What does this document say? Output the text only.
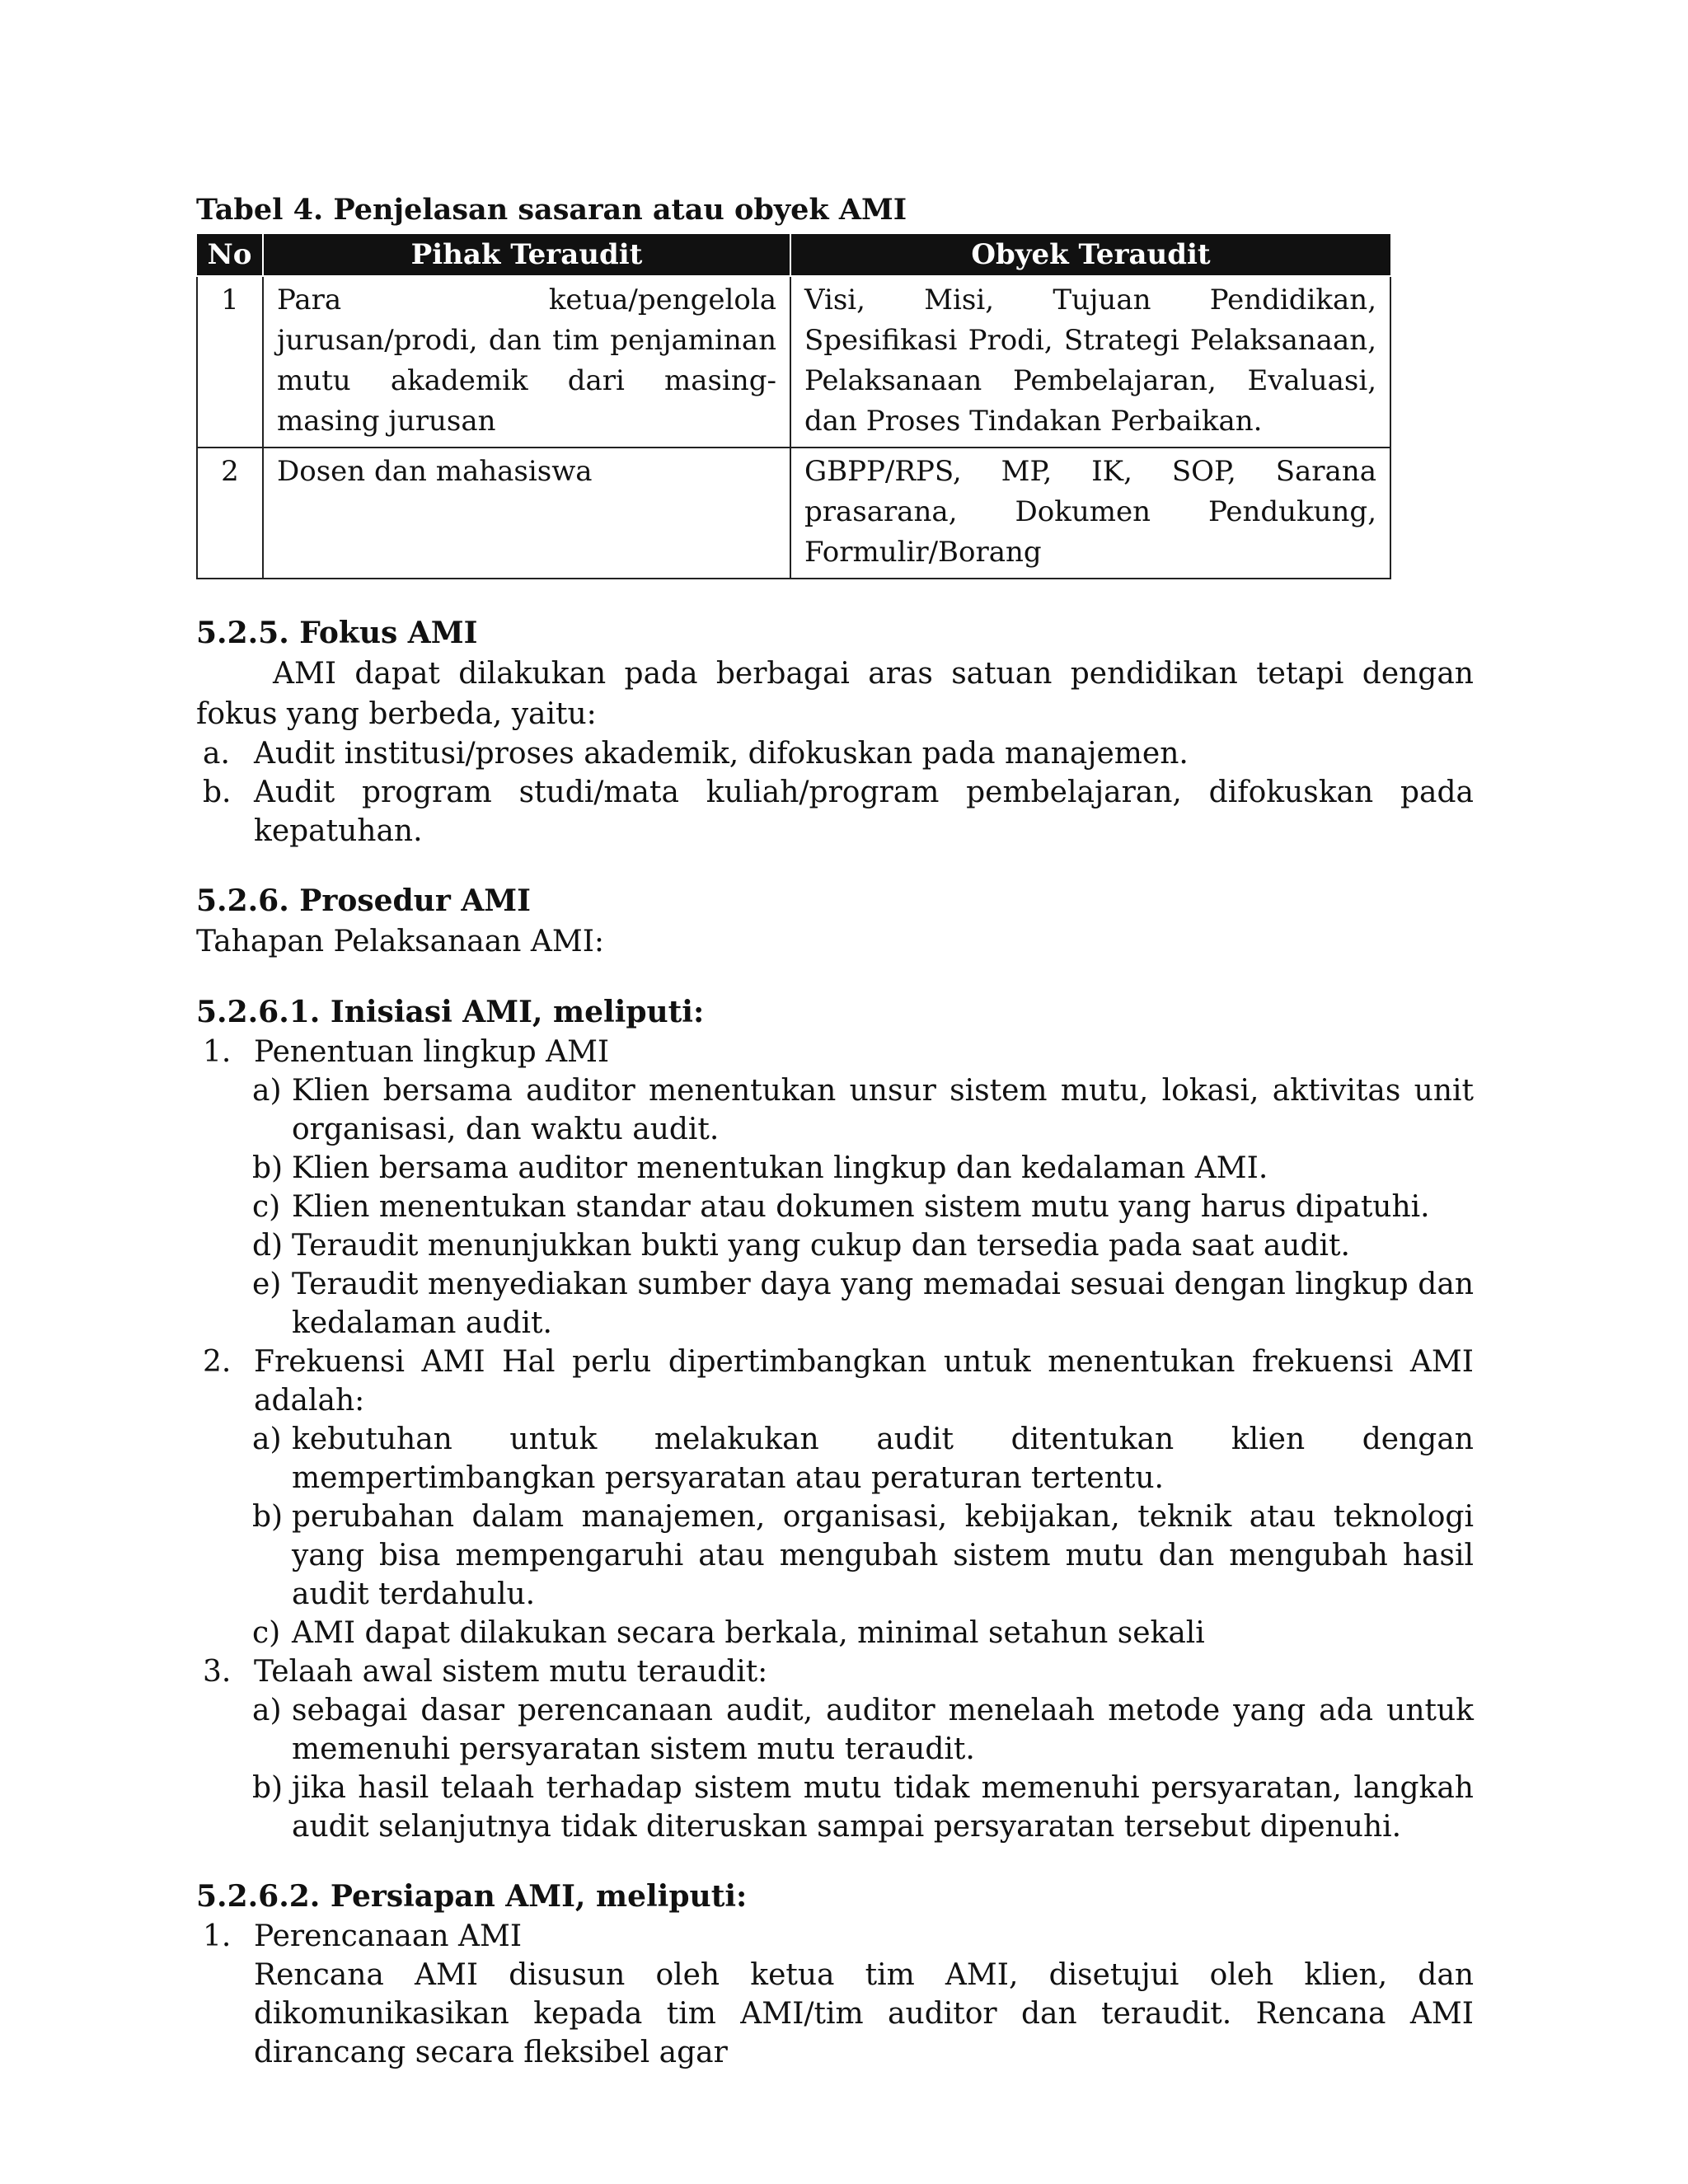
Tabel 4. Penjelasan sasaran atau obyek AMI
No	Pihak Teraudit	Obyek Teraudit
1	Para ketua/pengelola jurusan/prodi, dan tim penjaminan mutu akademik dari masing-masing jurusan	Visi, Misi, Tujuan Pendidikan, Spesifikasi Prodi, Strategi Pelaksanaan, Pelaksanaan Pembelajaran, Evaluasi, dan Proses Tindakan Perbaikan.
2	Dosen dan mahasiswa	GBPP/RPS, MP, IK, SOP, Sarana prasarana, Dokumen Pendukung, Formulir/Borang
5.2.5. Fokus AMI

AMI dapat dilakukan pada berbagai aras satuan pendidikan tetapi dengan fokus yang berbeda, yaitu:

a. Audit institusi/proses akademik, difokuskan pada manajemen.
b. Audit program studi/mata kuliah/program pembelajaran, difokuskan pada kepatuhan.
5.2.6. Prosedur AMI

Tahapan Pelaksanaan AMI:

5.2.6.1. Inisiasi AMI, meliputi:
1. Penentuan lingkup AMI
a) Klien bersama auditor menentukan unsur sistem mutu, lokasi, aktivitas unit organisasi, dan waktu audit.
b) Klien bersama auditor menentukan lingkup dan kedalaman AMI.
c) Klien menentukan standar atau dokumen sistem mutu yang harus dipatuhi.
d) Teraudit menunjukkan bukti yang cukup dan tersedia pada saat audit.
e) Teraudit menyediakan sumber daya yang memadai sesuai dengan lingkup dan kedalaman audit.
2. Frekuensi AMI Hal perlu dipertimbangkan untuk menentukan frekuensi AMI adalah:
a) kebutuhan untuk melakukan audit ditentukan klien dengan mempertimbangkan persyaratan atau peraturan tertentu.
b) perubahan dalam manajemen, organisasi, kebijakan, teknik atau teknologi yang bisa mempengaruhi atau mengubah sistem mutu dan mengubah hasil audit terdahulu.
c) AMI dapat dilakukan secara berkala, minimal setahun sekali
3. Telaah awal sistem mutu teraudit:
a) sebagai dasar perencanaan audit, auditor menelaah metode yang ada untuk memenuhi persyaratan sistem mutu teraudit.
b) jika hasil telaah terhadap sistem mutu tidak memenuhi persyaratan, langkah audit selanjutnya tidak diteruskan sampai persyaratan tersebut dipenuhi.
5.2.6.2. Persiapan AMI, meliputi:
1. Perencanaan AMI
Rencana AMI disusun oleh ketua tim AMI, disetujui oleh klien, dan dikomunikasikan kepada tim AMI/tim auditor dan teraudit. Rencana AMI dirancang secara fleksibel agar
